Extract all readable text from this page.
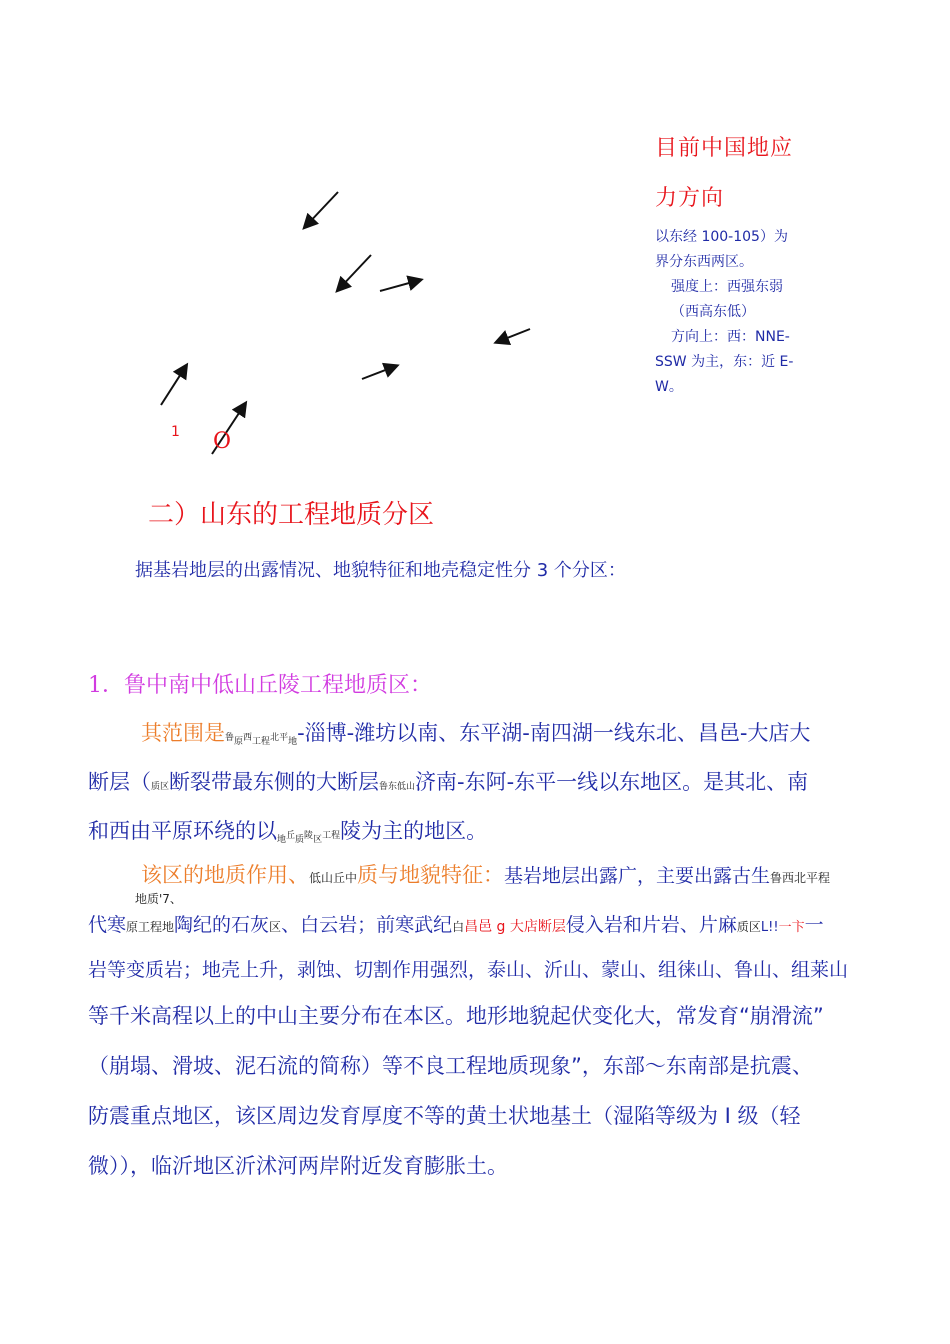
1 O
目前中国地应
力方向
以东经 100-105）为
界分东西两区。
强度上：西强东弱
（西高东低）
方向上：西：NNE-
SSW 为主，东：近 E-
W。
二）山东的工程地质分区
据基岩地层的出露情况、地貌特征和地壳稳定性分 3 个分区：
1．鲁中南中低山丘陵工程地质区：
其范围是鲁原西工程北平地-淄博-潍坊以南、东平湖-南四湖一线东北、昌邑-大店大
断层（质区断裂带最东侧的大断层鲁东低山济南-东阿-东平一线以东地区。是其北、南
和西由平原环绕的以地丘质陵区工程陵为主的地区。
该区的地质作用、低山丘中质与地貌特征：基岩地层出露广，主要出露古生鲁西北平程
地质'7、
代寒原工程地陶纪的石灰区、白云岩；前寒武纪白昌邑 g 大店断层侵入岩和片岩、片麻质区L!!一卞一
岩等变质岩；地壳上升，剥蚀、切割作用强烈，泰山、沂山、蒙山、组徕山、鲁山、组莱山
等千米高程以上的中山主要分布在本区。地形地貌起伏变化大，常发育“崩滑流”
（崩塌、滑坡、泥石流的简称）等不良工程地质现象”，东部〜东南部是抗震、
防震重点地区，该区周边发育厚度不等的黄土状地基土（湿陷等级为 I 级（轻
微）），临沂地区沂沭河两岸附近发育膨胀土。
